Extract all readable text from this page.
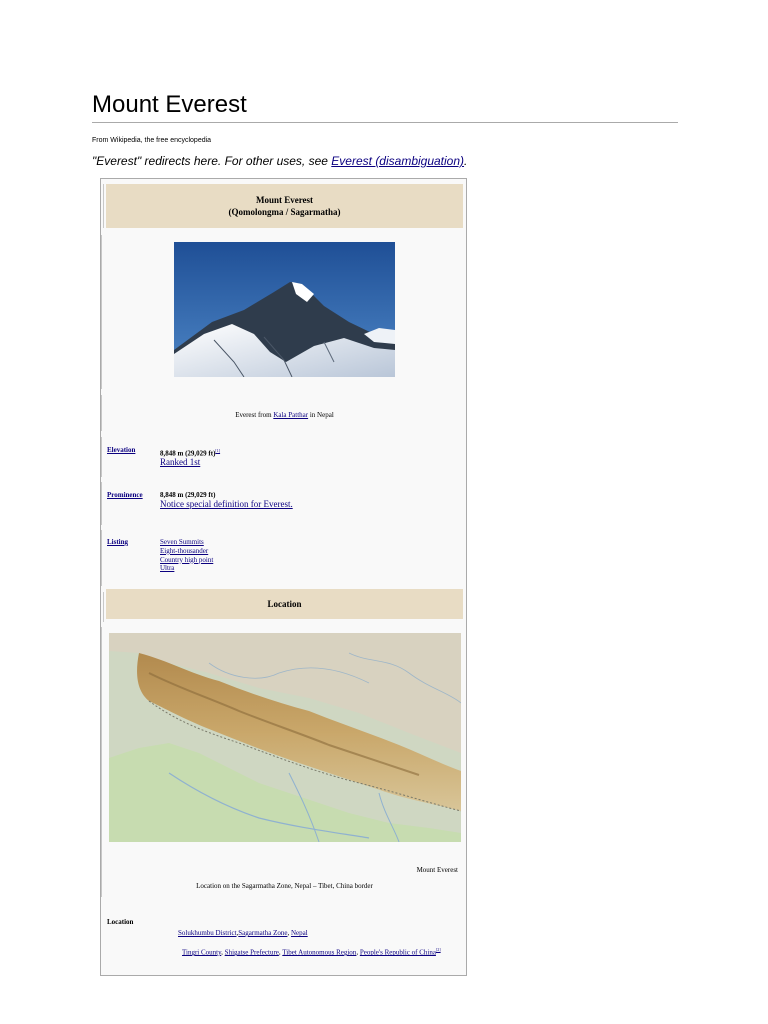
Mount Everest
From Wikipedia, the free encyclopedia
"Everest" redirects here. For other uses, see Everest (disambiguation).
Mount Everest
(Qomolongma / Sagarmatha)
Everest from Kala Patthar in Nepal
Elevation	8,848 m (29,029 ft)[1]
Ranked 1st
Prominence 8,848 m (29,029 ft)
Notice special definition for Everest.
Listing	Seven Summits
Eight-thousander
Country high point
Ultra
Location
Mount Everest
Location on the Sagarmatha Zone, Nepal – Tibet, China border
Location
Solukhumbu District,Sagarmatha Zone, Nepal
Tingri County, Shigatse Prefecture, Tibet Autonomous Region, People's Republic of China[2]
